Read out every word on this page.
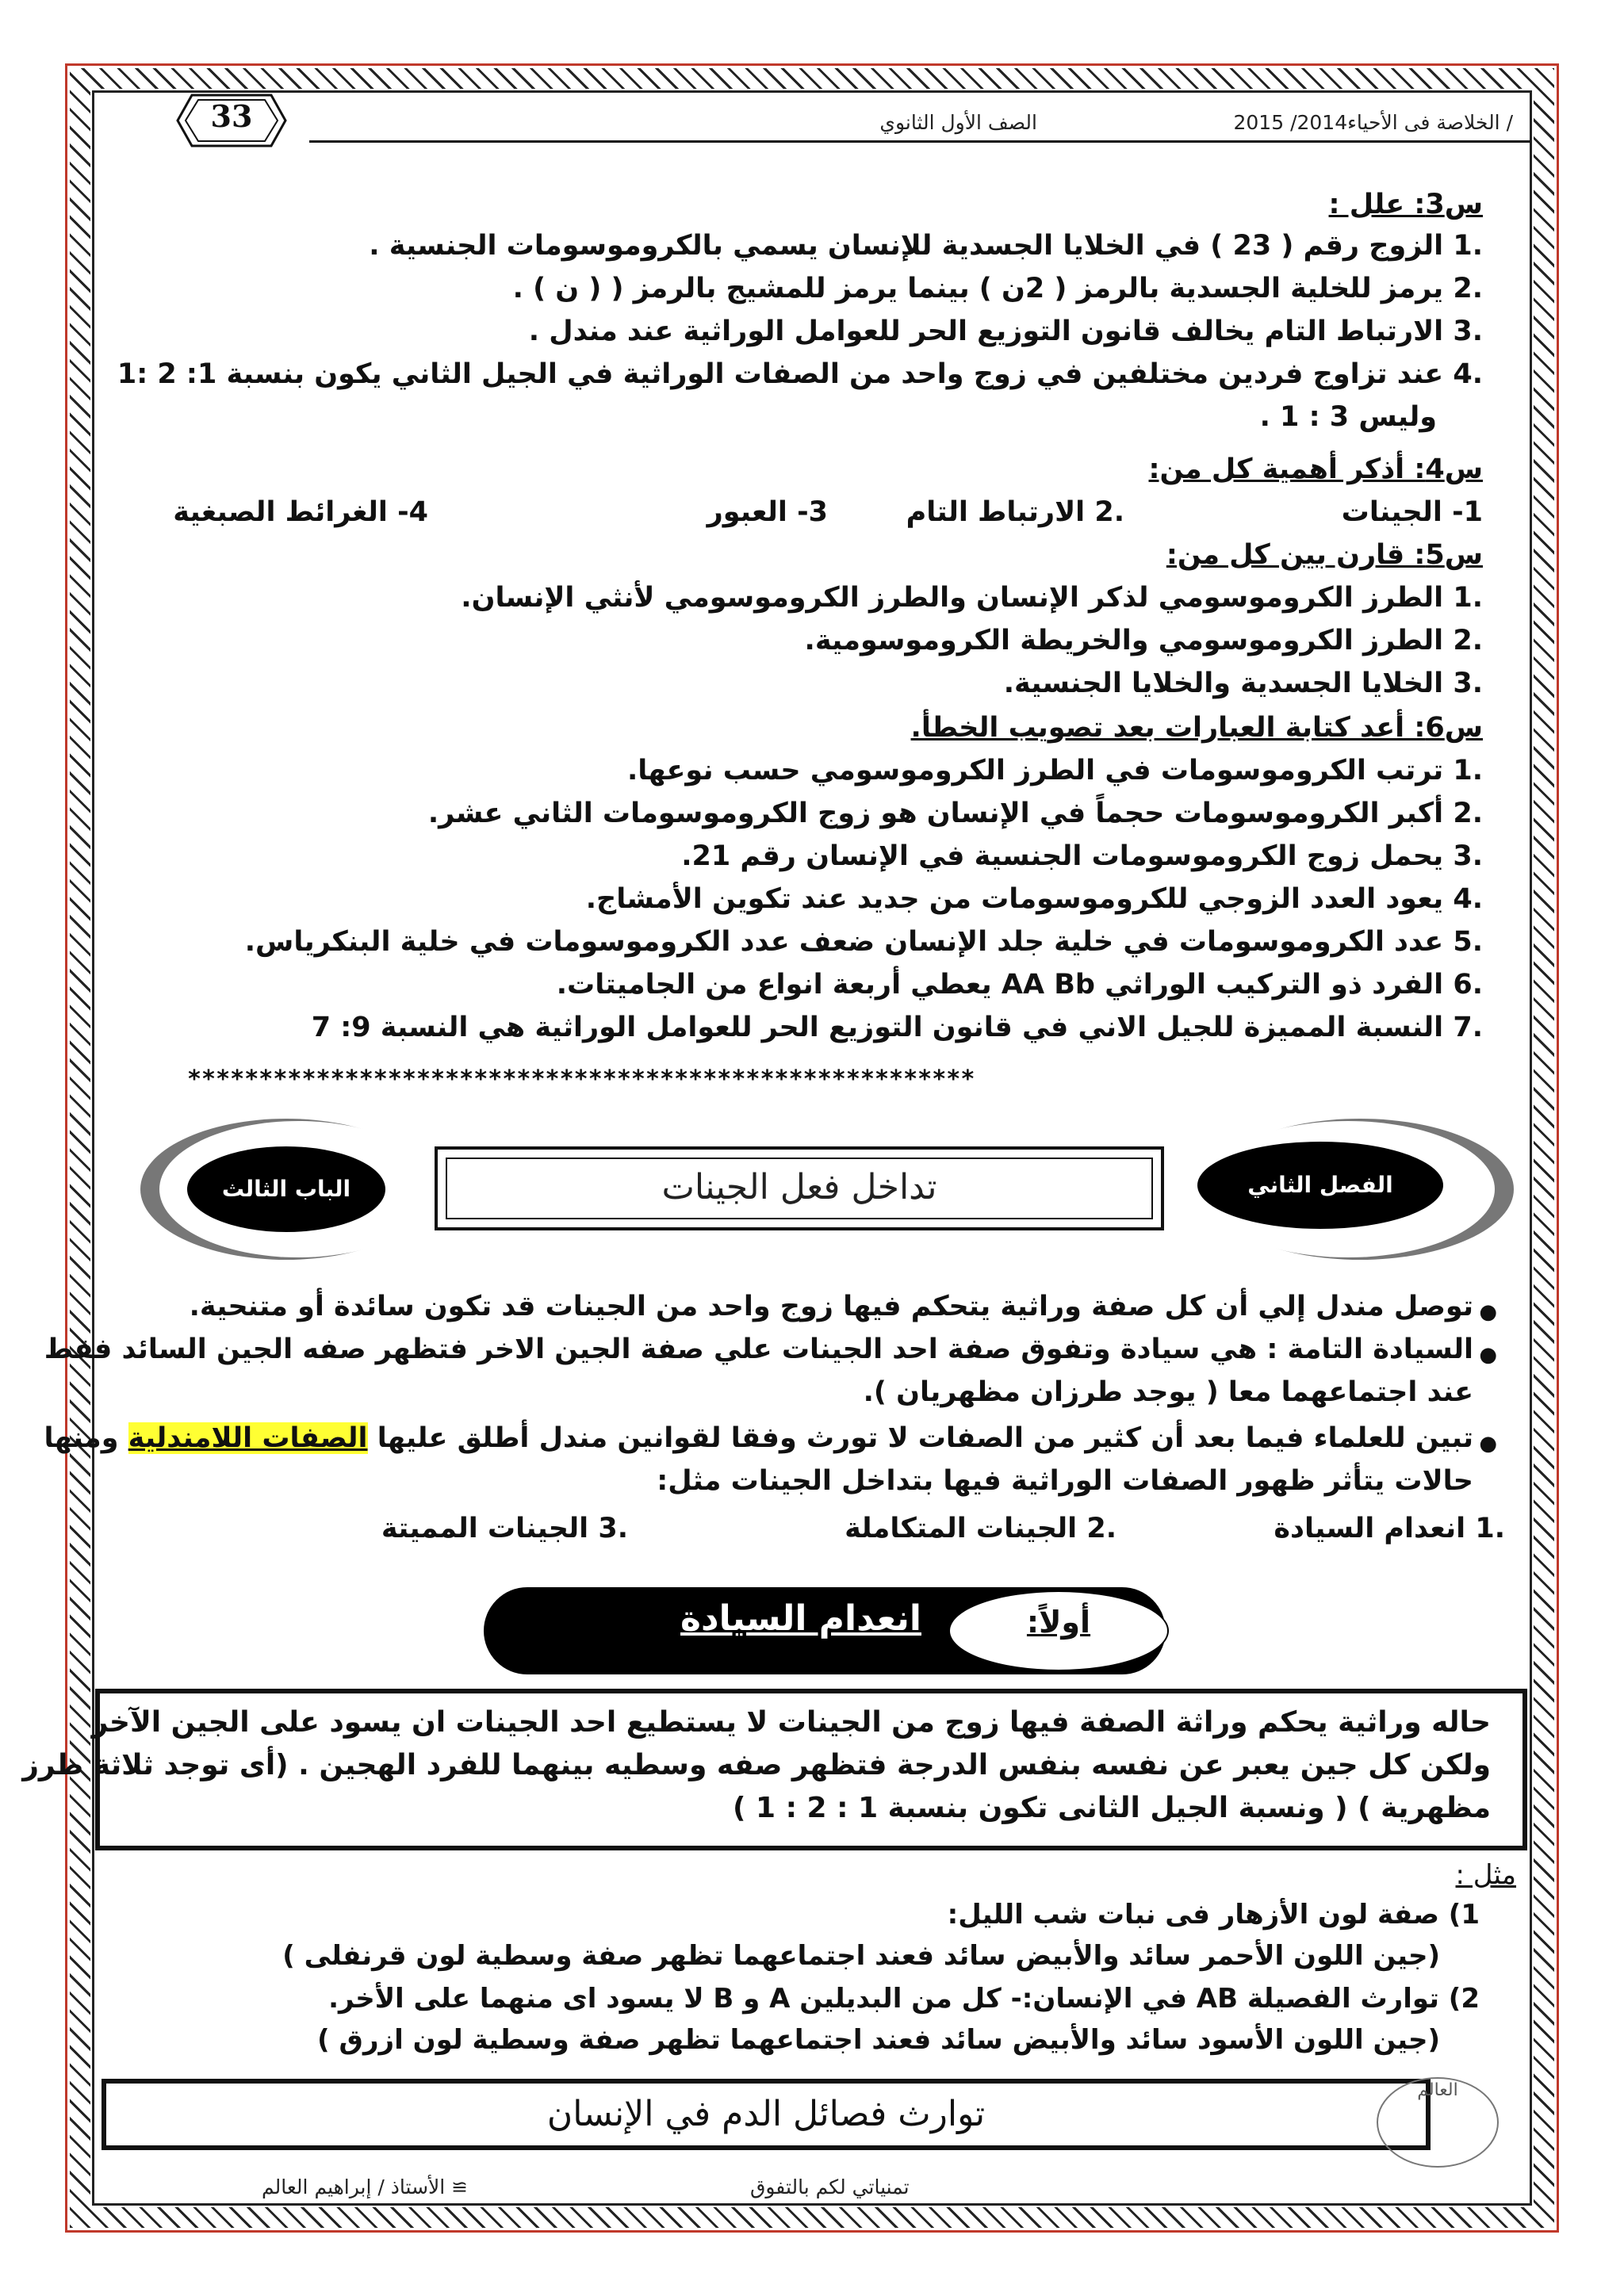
33	/ الخلاصة فى الأحياء2014/ 2015
الصف الأول الثانوي
س3: علل :
.1 الزوج رقم ( 23 ) في الخلايا الجسدية للإنسان يسمي بالكروموسومات الجنسية .
.2 يرمز للخلية الجسدية بالرمز ( 2ن ) بينما يرمز للمشيج بالرمز ( ( ن ) .
.3 الارتباط التام يخالف قانون التوزيع الحر للعوامل الوراثية عند مندل .
.4 عند تزاوج فردين مختلفين في زوج واحد من الصفات الوراثية في الجيل الثاني يكون بنسبة 1: 2 :1
وليس 3 : 1 .
س4: أذكر أهمية كل من:
1- الجينات
.2 الارتباط التام
3- العبور
4- الغرائط الصبغية
س5: قارن بين كل من:
.1 الطرز الكروموسومي لذكر الإنسان والطرز الكروموسومي لأنثي الإنسان.
.2 الطرز الكروموسومي والخريطة الكروموسومية.
.3 الخلايا الجسدية والخلايا الجنسية.
س6: أعد كتابة العبارات بعد تصويب الخطأ.
.1 ترتب الكروموسومات في الطرز الكروموسومي حسب نوعها.
.2 أكبر الكروموسومات حجماً في الإنسان هو زوج الكروموسومات الثاني عشر.
.3 يحمل زوج الكروموسومات الجنسية في الإنسان رقم 21.
.4 يعود العدد الزوجي للكروموسومات من جديد عند تكوين الأمشاج.
.5 عدد الكروموسومات في خلية جلد الإنسان ضعف عدد الكروموسومات في خلية البنكرياس.
.6 الفرد ذو التركيب الوراثي AA Bb يعطي أربعة انواع من الجاميتات.
.7 النسبة المميزة للجيل الاني في قانون التوزيع الحر للعوامل الوراثية هي النسبة 9: 7
*******************************************************
الباب الثالث	تداخل فعل الجينات	الفصل الثاني
●
توصل مندل إلي أن كل صفة وراثية يتحكم فيها زوج واحد من الجينات قد تكون سائدة أو متنحية.
●
السيادة التامة : هي سيادة وتفوق صفة احد الجينات علي صفة الجين الاخر فتظهر صفه الجين السائد فقط
عند اجتماعهما معا ( يوجد طرزان مظهريان ).
●
تبين للعلماء فيما بعد أن كثير من الصفات لا تورث وفقا لقوانين مندل أطلق عليها الصفات اللامندلية ومنها
حالات يتأثر ظهور الصفات الوراثية فيها بتداخل الجينات مثل:
.1 انعدام السيادة
.2 الجينات المتكاملة
.3 الجينات المميتة
انعدام السيادة	أولاً:
حاله وراثية يحكم وراثة الصفة فيها زوج من الجينات لا يستطيع احد الجينات ان يسود على الجين الآخر
ولكن كل جين يعبر عن نفسه بنفس الدرجة فتظهر صفه وسطيه بينهما للفرد الهجين . (أى توجد ثلاثة طرز
مظهرية ) ( ونسبة الجيل الثانى تكون بنسبة 1 : 2 : 1 )
مثل :
1) صفة لون الأزهار فى نبات شب الليل:
(جين اللون الأحمر سائد والأبيض سائد فعند اجتماعهما تظهر صفة وسطية لون قرنفلى )
2) توارث الفصيلة AB في الإنسان:- كل من البديلين A و B لا يسود اى منهما على الأخر.
(جين اللون الأسود سائد والأبيض سائد فعند اجتماعهما تظهر صفة وسطية لون ازرق )
توارث فصائل الدم في الإنسان
العالم
≅ الأستاذ / إبراهيم العالم	تمنياتي لكم بالتفوق
